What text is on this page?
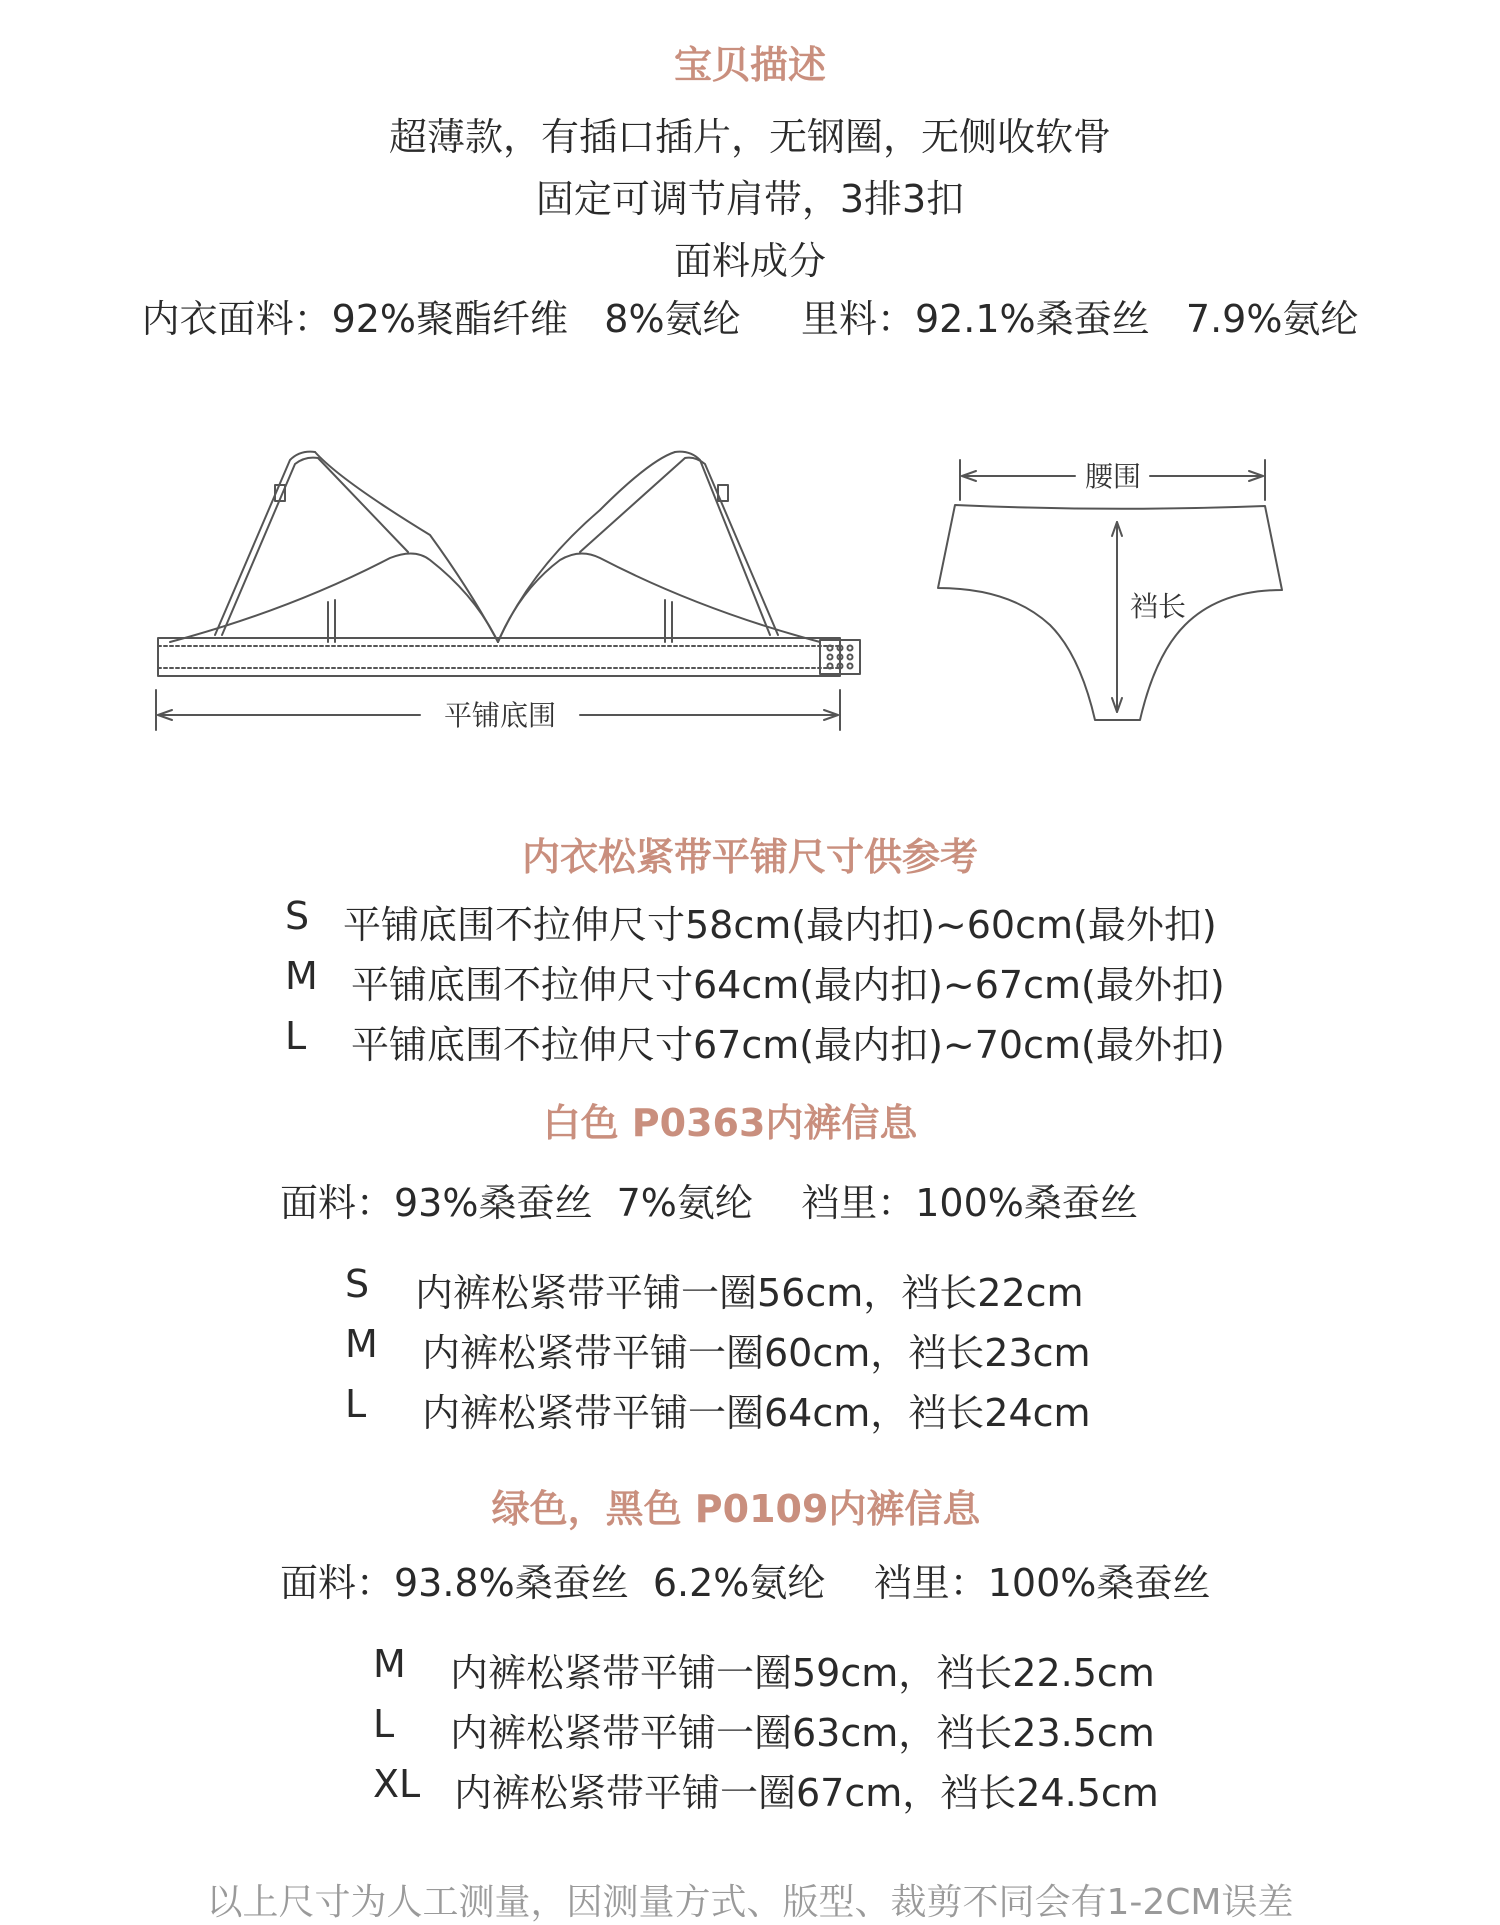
宝贝描述
超薄款，有插口插片，无钢圈，无侧收软骨
固定可调节肩带，3排3扣
面料成分
内衣面料：92%聚酯纤维   8%氨纶     里料：92.1%桑蚕丝   7.9%氨纶
平铺底围
腰围
裆长
内衣松紧带平铺尺寸供参考
S 平铺底围不拉伸尺寸58cm(最内扣)~60cm(最外扣)
M 平铺底围不拉伸尺寸64cm(最内扣)~67cm(最外扣)
L 平铺底围不拉伸尺寸67cm(最内扣)~70cm(最外扣)
白色 P0363内裤信息
面料：93%桑蚕丝  7%氨纶    裆里：100%桑蚕丝
S 内裤松紧带平铺一圈56cm，裆长22cm
M 内裤松紧带平铺一圈60cm，裆长23cm
L 内裤松紧带平铺一圈64cm，裆长24cm
绿色，黑色 P0109内裤信息
面料：93.8%桑蚕丝  6.2%氨纶    裆里：100%桑蚕丝
M 内裤松紧带平铺一圈59cm，裆长22.5cm
L 内裤松紧带平铺一圈63cm，裆长23.5cm
XL 内裤松紧带平铺一圈67cm，裆长24.5cm
以上尺寸为人工测量，因测量方式、版型、裁剪不同会有1-2CM误差
